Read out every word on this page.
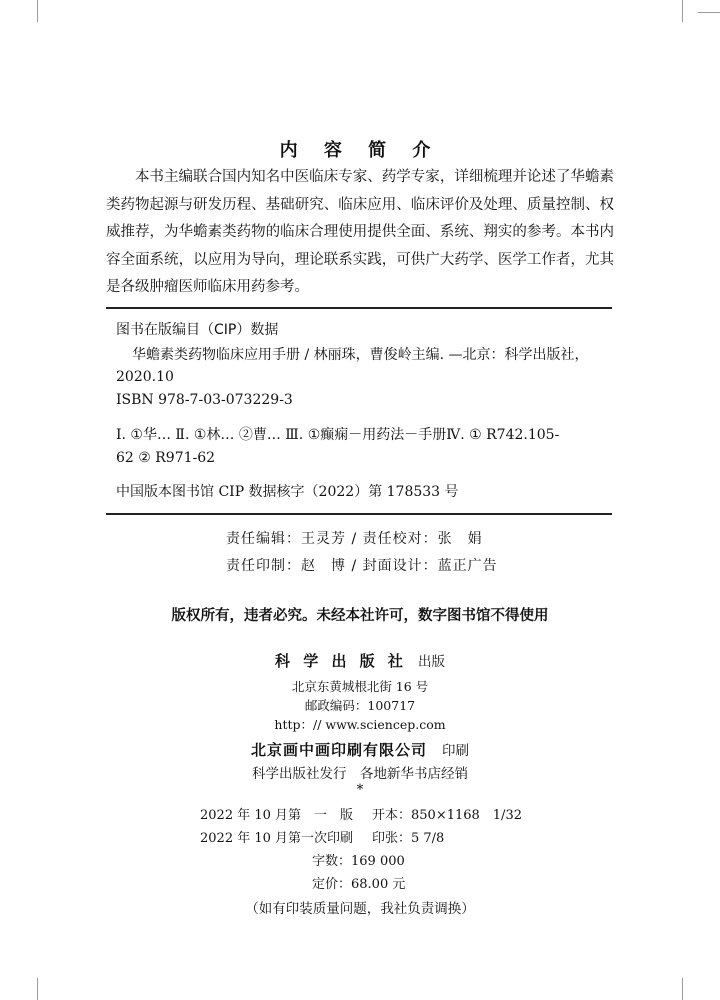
内 容 简 介
本书主编联合国内知名中医临床专家、药学专家，详细梳理并论述了华蟾素类药物起源与研发历程、基础研究、临床应用、临床评价及处理、质量控制、权威推荐，为华蟾素类药物的临床合理使用提供全面、系统、翔实的参考。本书内容全面系统，以应用为导向，理论联系实践，可供广大药学、医学工作者，尤其是各级肿瘤医师临床用药参考。
图书在版编目（CIP）数据
华蟾素类药物临床应用手册 / 林丽珠，曹俊岭主编. —北京：科学出版社，
2020.10
ISBN 978-7-03-073229-3
Ⅰ. ①华… Ⅱ. ①林… ②曹… Ⅲ. ①癫痫－用药法－手册Ⅳ. ① R742.105-
62 ② R971-62
中国版本图书馆 CIP 数据核字（2022）第 178533 号
责任编辑：王灵芳 / 责任校对：张　娟
责任印制：赵　博 / 封面设计：蓝正广告
版权所有，违者必究。未经本社许可，数字图书馆不得使用
科 学 出 版 社 出版
北京东黄城根北街 16 号
邮政编码：100717
http：// www.sciencep.com
北京画中画印刷有限公司 印刷
科学出版社发行　各地新华书店经销
*
2022 年 10 月第　一　版 开本：850×1168　1/32
2022 年 10 月第一次印刷 印张：5 7/8
字数：169 000
定价：68.00 元
（如有印装质量问题，我社负责调换）
